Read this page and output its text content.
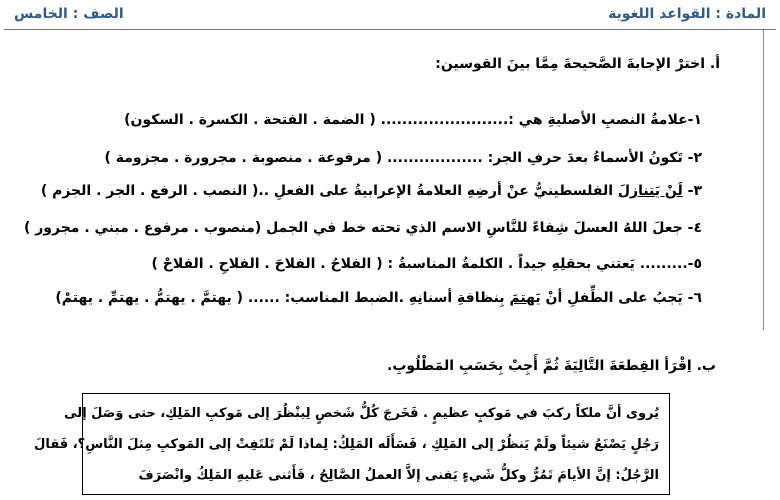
المادة : القواعد اللغوية
الصف : الخامس
أ. اخترْ الإجابةَ الصَّحيحةَ مِمَّا بينَ القوسين:
١-علامةُ النصبِ الأصليةِ هي :........................ ( الضمة . الفتحة . الكسرة . السكون)
٢- تَكونُ الأسماءُ بعدَ حرفِ الجر: .................. ( مرفوعة . منصوبة . مجرورة . مجزومة )
٣- لَنْ يَتنازلَ الفلسطينيُّ عنْ أرضِهِ العلامةُ الإعرابيةُ على الفعلِ ..( النصب . الرفع . الجر . الجزم )
٤- جعلَ اللهُ العسلَ شِفاءً للنَّاسِ الاسم الذي تحته خط في الجمل (منصوب . مرفوع . مبني . مجرور )
٥-......... يَعتني بحقلِهِ جيداً . الكلمةُ المناسبةُ : ( الفلاحُ . الفلاحَ . الفلاحِ . الفلاحْ )
٦- يَجبُ على الطِّفلِ أنْ يَهتمَ بِنظافةِ أسنانِهِ .الضبط المناسب: ...... ( يهتمَّ . يهتمُّ . يهتمِّ . يهتمْ)
ب. اِقْرَأ القِطعَةَ التَّالِيَةَ ثُمَّ أَجِبْ بِحَسَبِ المَطْلُوبِ.
يُروى أنَّ ملكاً ركبَ في مَوكبٍ عظيمٍ . فَخَرجَ كُلُّ شَخصٍ لِينْظُرَ إلى مَوكبِ المَلِكِ، حتى وَصَلَ إلى
رَجُلٍ يَصْنَعُ شيئاً ولَمْ يَنظُرْ إلى المَلِكِ ، فَسَأَلَه المَلِكُ: لِماذا لَمْ تَلتَفِتْ إلى المَوكبِ مِثلَ النَّاسِ؟، فَقالَ
الرَّجُلُ: إنَّ الأيامَ تَمُرُّ وكلُّ شَيءٍ يَفنى إلاَّ العملُ الصَّالِحُ ، فَأَثنى عَليهِ المَلِكُ وانْصَرَفَ
